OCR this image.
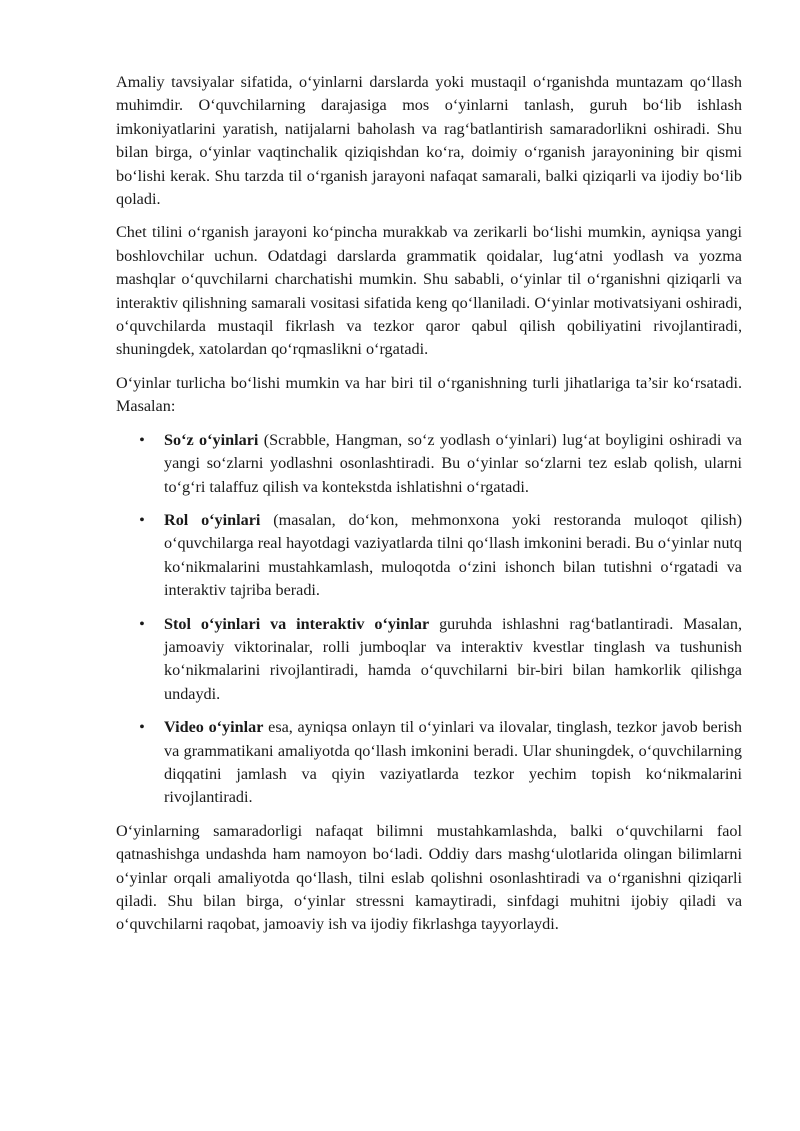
Amaliy tavsiyalar sifatida, o‘yinlarni darslarda yoki mustaqil o‘rganishda muntazam qo‘llash muhimdir. O‘quvchilarning darajasiga mos o‘yinlarni tanlash, guruh bo‘lib ishlash imkoniyatlarini yaratish, natijalarni baholash va rag‘batlantirish samaradorlikni oshiradi. Shu bilan birga, o‘yinlar vaqtinchalik qiziqishdan ko‘ra, doimiy o‘rganish jarayonining bir qismi bo‘lishi kerak. Shu tarzda til o‘rganish jarayoni nafaqat samarali, balki qiziqarli va ijodiy bo‘lib qoladi.

Chet tilini o‘rganish jarayoni ko‘pincha murakkab va zerikarli bo‘lishi mumkin, ayniqsa yangi boshlovchilar uchun. Odatdagi darslarda grammatik qoidalar, lug‘atni yodlash va yozma mashqlar o‘quvchilarni charchatishi mumkin. Shu sababli, o‘yinlar til o‘rganishni qiziqarli va interaktiv qilishning samarali vositasi sifatida keng qo‘llaniladi. O‘yinlar motivatsiyani oshiradi, o‘quvchilarda mustaqil fikrlash va tezkor qaror qabul qilish qobiliyatini rivojlantiradi, shuningdek, xatolardan qo‘rqmaslikni o‘rgatadi.

O‘yinlar turlicha bo‘lishi mumkin va har biri til o‘rganishning turli jihatlariga ta’sir ko‘rsatadi. Masalan:

• So‘z o‘yinlari (Scrabble, Hangman, so‘z yodlash o‘yinlari) lug‘at boyligini oshiradi va yangi so‘zlarni yodlashni osonlashtiradi. Bu o‘yinlar so‘zlarni tez eslab qolish, ularni to‘g‘ri talaffuz qilish va kontekstda ishlatishni o‘rgatadi.
• Rol o‘yinlari (masalan, do‘kon, mehmonxona yoki restoranda muloqot qilish) o‘quvchilarga real hayotdagi vaziyatlarda tilni qo‘llash imkonini beradi. Bu o‘yinlar nutq ko‘nikmalarini mustahkamlash, muloqotda o‘zini ishonch bilan tutishni o‘rgatadi va interaktiv tajriba beradi.
• Stol o‘yinlari va interaktiv o‘yinlar guruhda ishlashni rag‘batlantiradi. Masalan, jamoaviy viktorinalar, rolli jumboqlar va interaktiv kvestlar tinglash va tushunish ko‘nikmalarini rivojlantiradi, hamda o‘quvchilarni bir-biri bilan hamkorlik qilishga undaydi.
• Video o‘yinlar esa, ayniqsa onlayn til o‘yinlari va ilovalar, tinglash, tezkor javob berish va grammatikani amaliyotda qo‘llash imkonini beradi. Ular shuningdek, o‘quvchilarning diqqatini jamlash va qiyin vaziyatlarda tezkor yechim topish ko‘nikmalarini rivojlantiradi.

O‘yinlarning samaradorligi nafaqat bilimni mustahkamlashda, balki o‘quvchilarni faol qatnashishga undashda ham namoyon bo‘ladi. Oddiy dars mashg‘ulotlarida olingan bilimlarni o‘yinlar orqali amaliyotda qo‘llash, tilni eslab qolishni osonlashtiradi va o‘rganishni qiziqarli qiladi. Shu bilan birga, o‘yinlar stressni kamaytiradi, sinfdagi muhitni ijobiy qiladi va o‘quvchilarni raqobat, jamoaviy ish va ijodiy fikrlashga tayyorlaydi.
